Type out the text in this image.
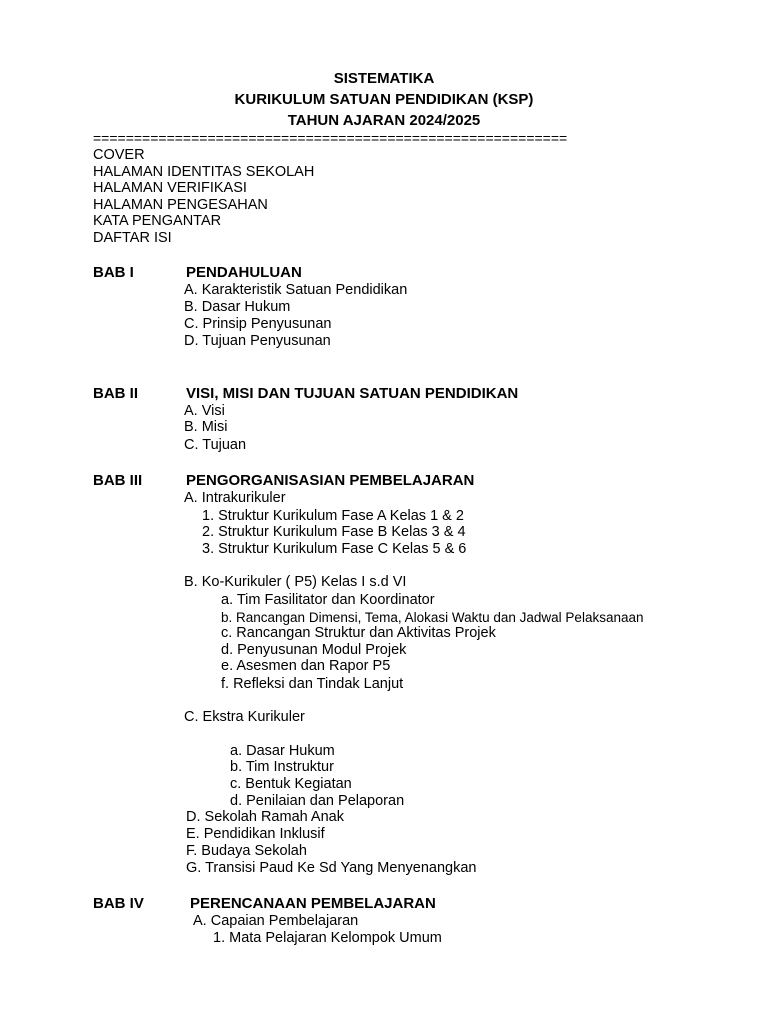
SISTEMATIKA
KURIKULUM SATUAN PENDIDIKAN (KSP)
TAHUN AJARAN 2024/2025
==========================================================
COVER
HALAMAN IDENTITAS SEKOLAH
HALAMAN VERIFIKASI
HALAMAN PENGESAHAN
KATA PENGANTAR
DAFTAR ISI
BAB I	PENDAHULUAN
A. Karakteristik Satuan Pendidikan
B. Dasar Hukum
C. Prinsip Penyusunan
D. Tujuan Penyusunan
BAB II	VISI, MISI DAN TUJUAN SATUAN PENDIDIKAN
A. Visi
B. Misi
C. Tujuan
BAB III	PENGORGANISASIAN PEMBELAJARAN
A. Intrakurikuler
1. Struktur Kurikulum Fase A Kelas 1 & 2
2. Struktur Kurikulum Fase B Kelas 3 & 4
3. Struktur Kurikulum Fase C Kelas 5 & 6
B. Ko-Kurikuler ( P5) Kelas I s.d VI
a. Tim Fasilitator dan Koordinator
b. Rancangan Dimensi, Tema, Alokasi Waktu dan Jadwal Pelaksanaan
c. Rancangan Struktur dan Aktivitas Projek
d. Penyusunan Modul Projek
e. Asesmen dan Rapor P5
f. Refleksi dan Tindak Lanjut
C. Ekstra Kurikuler
a. Dasar Hukum
b. Tim Instruktur
c. Bentuk Kegiatan
d. Penilaian dan Pelaporan
D. Sekolah Ramah Anak
E. Pendidikan Inklusif
F. Budaya Sekolah
G. Transisi Paud Ke Sd Yang Menyenangkan
BAB IV	PERENCANAAN PEMBELAJARAN
A. Capaian Pembelajaran
1. Mata Pelajaran Kelompok Umum
